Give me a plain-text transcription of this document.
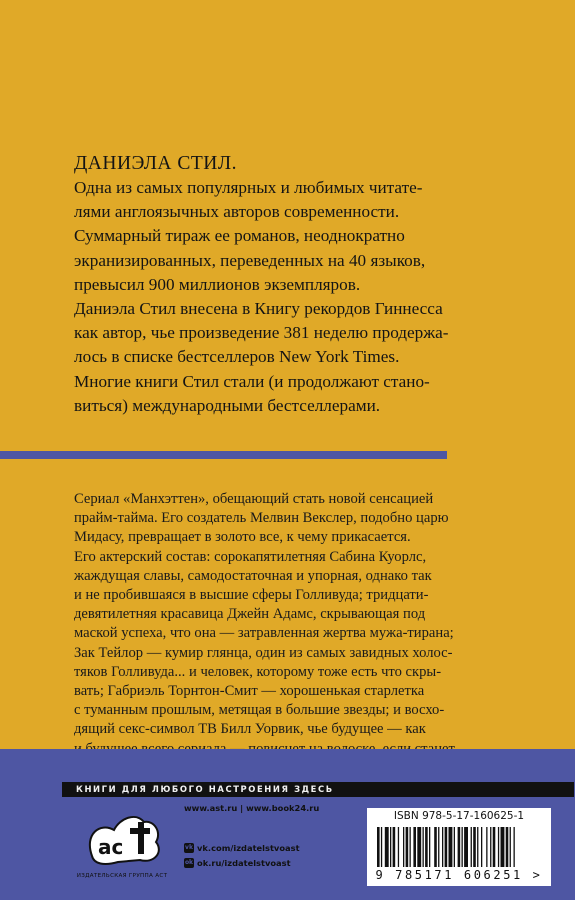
ДАНИЭЛА СТИЛ.

Одна из самых популярных и любимых читате-
лями англоязычных авторов современности.
Суммарный тираж ее романов, неоднократно
экранизированных, переведенных на 40 языков,
превысил 900 миллионов экземпляров.
Даниэла Стил внесена в Книгу рекордов Гиннесса
как автор, чье произведение 381 неделю продержа-
лось в списке бестселлеров New York Times.
Многие книги Стил стали (и продолжают стано-
виться) международными бестселлерами.

Сериал «Манхэттен», обещающий стать новой сенсацией
прайм-тайма. Его создатель Мелвин Векслер, подобно царю
Мидасу, превращает в золото все, к чему прикасается.
Его актерский состав: сорокапятилетняя Сабина Куорлс,
жаждущая славы, самодостаточная и упорная, однако так
и не пробившаяся в высшие сферы Голливуда; тридцати-
девятилетняя красавица Джейн Адамс, скрывающая под
маской успеха, что она — затравленная жертва мужа-тирана;
Зак Тейлор — кумир глянца, один из самых завидных холос-
тяков Голливуда... и человек, которому тоже есть что скры-
вать; Габриэль Торнтон-Смит — хорошенькая старлетка
с туманным прошлым, метящая в большие звезды; и восхо-
дящий секс-символ ТВ Билл Уорвик, чье будущее — как
КНИГИ ДЛЯ ЛЮБОГО НАСТРОЕНИЯ ЗДЕСЬ
ac
ИЗДАТЕЛЬСКАЯ ГРУППА АСТ
www.ast.ru | www.book24.ru
vk vk.com/izdatelstvoast
ok ok.ru/izdatelstvoast
ISBN 978-5-17-160625-1
9 785171 606251 >
